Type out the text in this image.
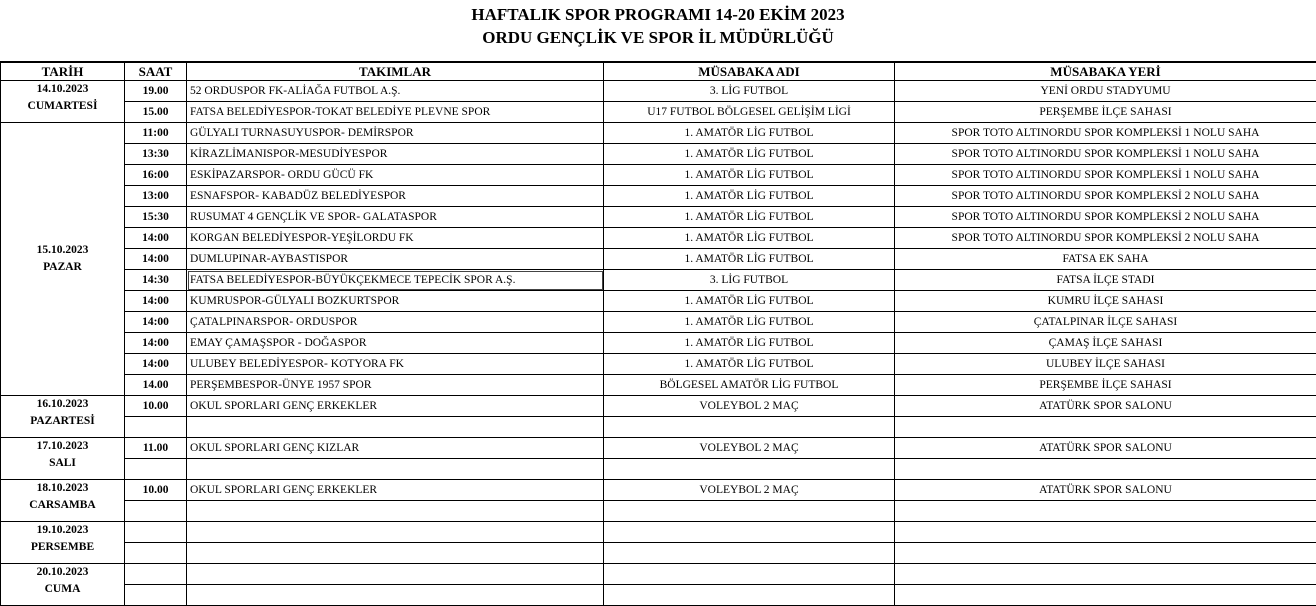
HAFTALIK SPOR PROGRAMI 14-20 EKİM 2023
ORDU GENÇLİK VE SPOR İL MÜDÜRLÜĞÜ
TARİH	SAAT	TAKIMLAR	MÜSABAKA ADI	MÜSABAKA YERİ

14.10.2023
CUMARTESİ	19.00	52 ORDUSPOR FK-ALİAĞA FUTBOL A.Ş.	3. LİG FUTBOL	YENİ ORDU STADYUMU
	15.00	FATSA BELEDİYESPOR-TOKAT BELEDİYE PLEVNE SPOR	U17 FUTBOL BÖLGESEL GELİŞİM LİGİ	PERŞEMBE İLÇE SAHASI

15.10.2023
PAZAR	11:00	GÜLYALI TURNASUYUSPOR- DEMİRSPOR	1. AMATÖR LİG FUTBOL	SPOR TOTO ALTINORDU SPOR KOMPLEKSİ 1 NOLU SAHA
	13:30	KİRAZLİMANISPOR-MESUDİYESPOR	1. AMATÖR LİG FUTBOL	SPOR TOTO ALTINORDU SPOR KOMPLEKSİ 1 NOLU SAHA
	16:00	ESKİPAZARSPOR- ORDU GÜCÜ FK	1. AMATÖR LİG FUTBOL	SPOR TOTO ALTINORDU SPOR KOMPLEKSİ 1 NOLU SAHA
	13:00	ESNAFSPOR- KABADÜZ BELEDİYESPOR	1. AMATÖR LİG FUTBOL	SPOR TOTO ALTINORDU SPOR KOMPLEKSİ 2 NOLU SAHA
	15:30	RUSUMAT 4 GENÇLİK VE SPOR- GALATASPOR	1. AMATÖR LİG FUTBOL	SPOR TOTO ALTINORDU SPOR KOMPLEKSİ 2 NOLU SAHA
	14:00	KORGAN BELEDİYESPOR-YEŞİLORDU FK	1. AMATÖR LİG FUTBOL	SPOR TOTO ALTINORDU SPOR KOMPLEKSİ 2 NOLU SAHA
	14:00	DUMLUPINAR-AYBASTISPOR	1. AMATÖR LİG FUTBOL	FATSA EK SAHA
	14:30	FATSA BELEDİYESPOR-BÜYÜKÇEKMECE TEPECİK SPOR A.Ş.	3. LİG FUTBOL	FATSA İLÇE STADI
	14:00	KUMRUSPOR-GÜLYALI BOZKURTSPOR	1. AMATÖR LİG FUTBOL	KUMRU İLÇE SAHASI
	14:00	ÇATALPINARSPOR- ORDUSPOR	1. AMATÖR LİG FUTBOL	ÇATALPINAR İLÇE SAHASI
	14:00	EMAY ÇAMAŞSPOR - DOĞASPOR	1. AMATÖR LİG FUTBOL	ÇAMAŞ İLÇE SAHASI
	14:00	ULUBEY BELEDİYESPOR- KOTYORA FK	1. AMATÖR LİG FUTBOL	ULUBEY İLÇE SAHASI
	14.00	PERŞEMBESPOR-ÜNYE 1957 SPOR	BÖLGESEL AMATÖR LİG FUTBOL	PERŞEMBE İLÇE SAHASI

16.10.2023
PAZARTESİ	10.00	OKUL SPORLARI GENÇ ERKEKLER	VOLEYBOL 2 MAÇ	ATATÜRK SPOR SALONU

17.10.2023
SALI	11.00	OKUL SPORLARI GENÇ KIZLAR	VOLEYBOL 2 MAÇ	ATATÜRK SPOR SALONU

18.10.2023
CARSAMBA	10.00	OKUL SPORLARI GENÇ ERKEKLER	VOLEYBOL 2 MAÇ	ATATÜRK SPOR SALONU

19.10.2023
PERSEMBE				

20.10.2023
CUMA				
